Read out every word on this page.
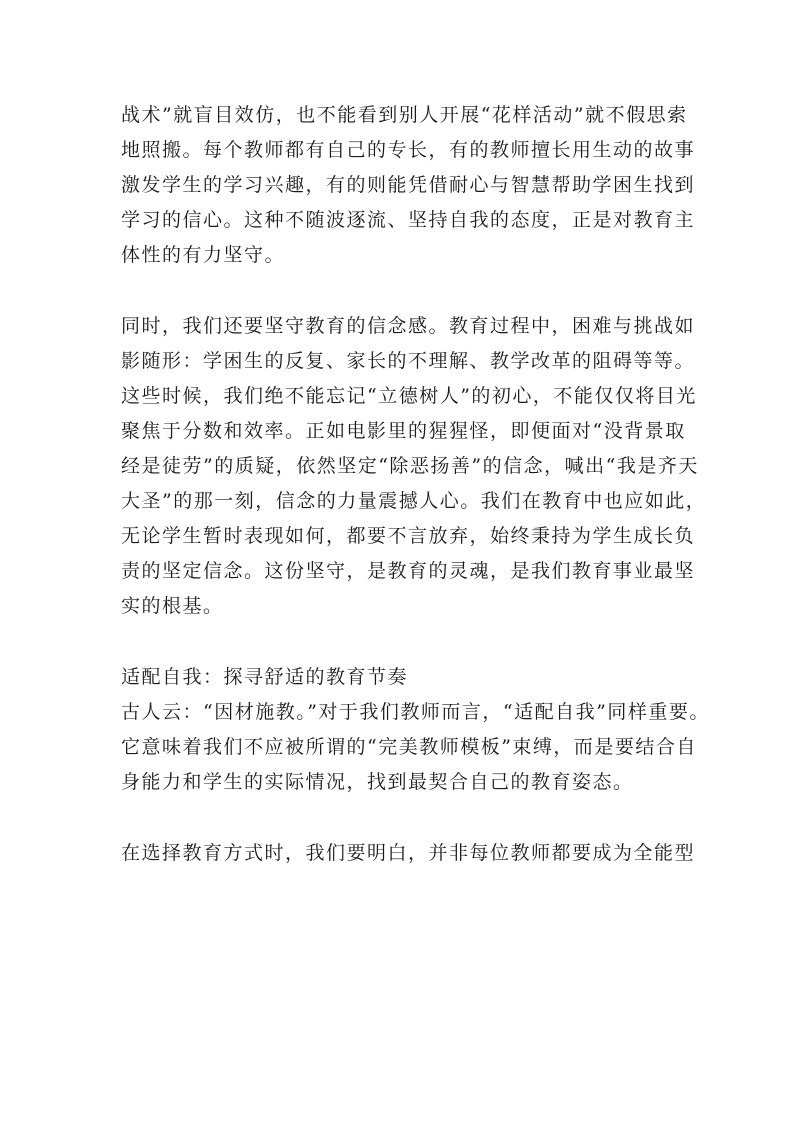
战术”就盲目效仿，也不能看到别人开展“花样活动”就不假思索
地照搬。每个教师都有自己的专长，有的教师擅长用生动的故事
激发学生的学习兴趣，有的则能凭借耐心与智慧帮助学困生找到
学习的信心。这种不随波逐流、坚持自我的态度，正是对教育主
体性的有力坚守。

同时，我们还要坚守教育的信念感。教育过程中，困难与挑战如
影随形：学困生的反复、家长的不理解、教学改革的阻碍等等。
这些时候，我们绝不能忘记“立德树人”的初心，不能仅仅将目光
聚焦于分数和效率。正如电影里的猩猩怪，即便面对“没背景取
经是徒劳”的质疑，依然坚定“除恶扬善”的信念，喊出“我是齐天
大圣”的那一刻，信念的力量震撼人心。我们在教育中也应如此，
无论学生暂时表现如何，都要不言放弃，始终秉持为学生成长负
责的坚定信念。这份坚守，是教育的灵魂，是我们教育事业最坚
实的根基。

适配自我：探寻舒适的教育节奏

古人云：“因材施教。”对于我们教师而言，“适配自我”同样重要。
它意味着我们不应被所谓的“完美教师模板”束缚，而是要结合自
身能力和学生的实际情况，找到最契合自己的教育姿态。

在选择教育方式时，我们要明白，并非每位教师都要成为全能型
